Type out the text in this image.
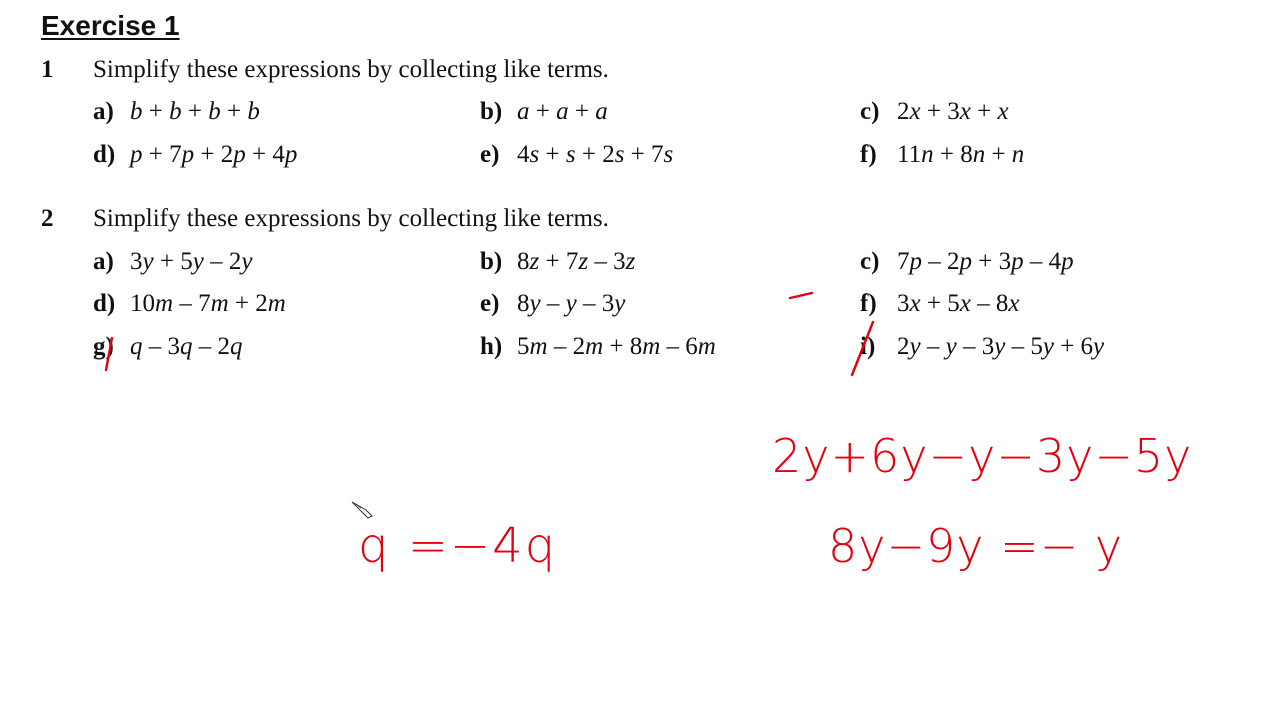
Exercise 1
1 Simplify these expressions by collecting like terms.
a) b + b + b + b	b) a + a + a	c) 2x + 3x + x
d) p + 7p + 2p + 4p	e) 4s + s + 2s + 7s	f) 11n + 8n + n
2 Simplify these expressions by collecting like terms.
a) 3y + 5y – 2y	b) 8z + 7z – 3z	c) 7p – 2p + 3p – 4p
d) 10m – 7m + 2m	e) 8y – y – 3y	f) 3x + 5x – 8x
g) q – 3q – 2q	h) 5m – 2m + 8m – 6m	i) 2y – y – 3y – 5y + 6y
2y+6y−y−3y−5y
8y−9y =− y
q =−4q
